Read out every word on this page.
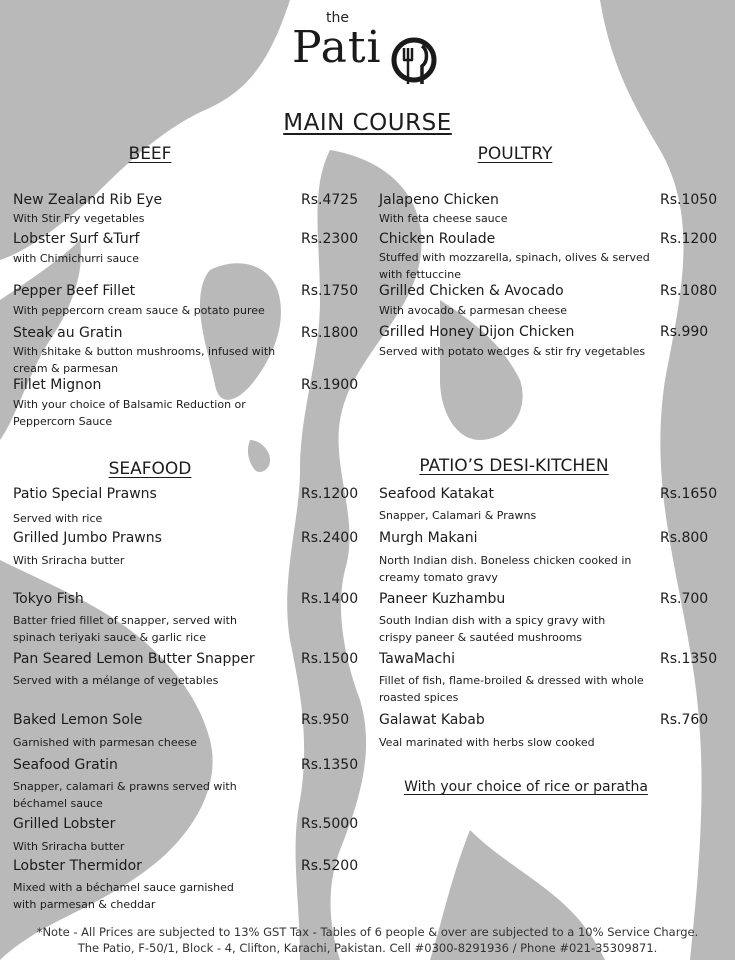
the
Pati
MAIN COURSE
BEEF
New Zealand Rib Eye	Rs.4725
With Stir Fry vegetables
Lobster Surf &Turf	Rs.2300
with Chimichurri sauce
Pepper Beef Fillet	Rs.1750
With peppercorn cream sauce & potato puree
Steak au Gratin	Rs.1800
With shitake & button mushrooms, infused with cream & parmesan
Fillet Mignon	Rs.1900
With your choice of Balsamic Reduction or Peppercorn Sauce
POULTRY
Jalapeno Chicken	Rs.1050
With feta cheese sauce
Chicken Roulade	Rs.1200
Stuffed with mozzarella, spinach, olives & served with fettuccine
Grilled Chicken & Avocado	Rs.1080
With avocado & parmesan cheese
Grilled Honey Dijon Chicken	Rs.990
Served with potato wedges & stir fry vegetables
SEAFOOD
Patio Special Prawns	Rs.1200
Served with rice
Grilled Jumbo Prawns	Rs.2400
With Sriracha butter
Tokyo Fish	Rs.1400
Batter fried fillet of snapper, served with spinach teriyaki sauce & garlic rice
Pan Seared Lemon Butter Snapper	Rs.1500
Served with a mélange of vegetables
Baked Lemon Sole	Rs.950
Garnished with parmesan cheese
Seafood Gratin	Rs.1350
Snapper, calamari & prawns served with béchamel sauce
Grilled Lobster	Rs.5000
With Sriracha butter
Lobster Thermidor	Rs.5200
Mixed with a béchamel sauce garnished with parmesan & cheddar
PATIO’S DESI-KITCHEN
Seafood Katakat	Rs.1650
Snapper, Calamari & Prawns
Murgh Makani	Rs.800
North Indian dish. Boneless chicken cooked in creamy tomato gravy
Paneer Kuzhambu	Rs.700
South Indian dish with a spicy gravy with crispy paneer & sautéed mushrooms
TawaMachi	Rs.1350
Fillet of fish, flame-broiled & dressed with whole roasted spices
Galawat Kabab	Rs.760
Veal marinated with herbs slow cooked
With your choice of rice or paratha
*Note - All Prices are subjected to 13% GST Tax - Tables of 6 people & over are subjected to a 10% Service Charge.
The Patio, F-50/1, Block - 4, Clifton, Karachi, Pakistan. Cell #0300-8291936 / Phone #021-35309871.
